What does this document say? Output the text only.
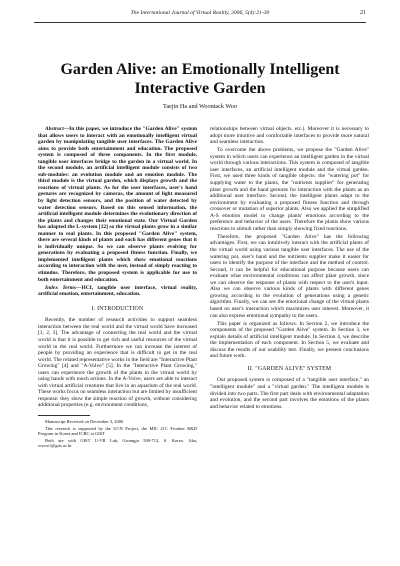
The International Journal of Virtual Reality, 2006, 5(4):21-30	21
Garden Alive: an Emotionally Intelligent Interactive Garden
Taejin Ha and Woontack Woo

Abstract—In this paper, we introduce the "Garden Alive" system that allows users to interact with an emotionally intelligent virtual garden by manipulating tangible user interfaces. The Garden Alive aims to provide both entertainment and education. The proposed system is composed of three components. In the first module, tangible user interfaces bridge to the garden in a virtual world. In the second module, an artificial intelligent module consists of two sub-modules: an evolution module and an emotion module. The third module is the virtual garden, which displays growth and the reactions of virtual plants. As for the user interfaces, user's hand gestures are recognized by cameras, the amount of light measured by light detection sensors, and the position of water detected by water detection sensors. Based on this sensed information, the artificial intelligent module determines the evolutionary direction of the plants and changes their emotional state. Our Virtual Garden has adapted the L-system [12] so the virtual plants grow in a similar manner to real plants. In this proposed "Garden Alive" system, there are several kinds of plants and each has different genes that it is individually unique. So we can observe plants evolving for generations by evaluating a proposed fitness function. Finally, we implemented intelligent plants which show emotional reactions according to interaction with the user, instead of simply reacting to stimulus. Therefore, the proposed system is applicable for use to both entertainment and education.

Index Terms—HCI, tangible user interface, virtual reality, artificial emotion, entertainment, education.

I. INTRODUCTION

Recently, the number of research activities to support seamless interaction between the real world and the virtual world have increased [1, 2, 3]. The advantage of connecting the real world and the virtual world is that it is possible to get rich and useful resources of the virtual world in the real world. Furthermore we can increase the interest of people by providing an experience that is difficult to get in the real world. The related representative works in the field are "Interactive Plant Growing" [4] and "A-Volve" [5]. In the "Interactive Plant Growing," users can experience the growth of the plants in the virtual world by using hands with touch actions. In the A-Volve, users are able to interact with virtual artificial creatures that live in an aquarium of the real world. These works focus on seamless interaction but are limited by insufficient response: they show the simple reaction of growth, without considering additional properties (e.g. environment conditions,

Manuscript Received on December 3, 2006

This research is supported by the UCN Project, the MIC 21C Frontier R&D Program in Korea and ICRC at GIST

Both are with GIST U-VR Lab, Gwangju 500-712, S. Korea. {tha, wwoo}@gist.ac.kr

relationships between virtual objects. etc.). Moreover it is necessary to adopt more intuitive and comfortable interfaces to provide more natural and seamless interaction.

To overcome the above problems, we propose the "Garden Alive" system in which users can experience an intelligent garden in the virtual world through various interactions. This system is composed of tangible user interfaces, an artificial intelligent module and the virtual garden. First, we used three kinds of tangible objects: the "watering pot" for supplying water to the plants, the "nutrients supplier" for generating plant growth and the hand gestures for interaction with the plants as an additional user interface. Second, the intelligent plants adapt to the environment by evaluating a proposed fitness function and through crossover or mutation of superior plants. Also we applied the simplified A-S emotion model to change plants' emotions according to the preference and behavior of the users. Therefore the plants show various reactions to stimuli rather than simply showing fixed reactions.

Therefore, the proposed "Garden Alive" has the following advantages. First, we can intuitively interact with the artificial plants of the virtual world using various tangible user interfaces. The use of the watering pot, user's hand and the nutrients supplier make it easier for users to identify the purpose of the interface and the method of control. Second, it can be helpful for educational purpose because users can evaluate what environmental conditions can affect plant growth, since we can observe the response of plants with respect to the user's input. Also we can observe various kinds of plants with different genes growing according to the evolution of generations using a genetic algorithm. Finally, we can see the emotional change of the virtual plants based on user's interaction which maximizes user interest. Moreover, it can also express emotional sympathy to the users.

This paper is organized as follows. In Section 2, we introduce the components of the proposed "Garden Alive" system. In Section 3, we explain details of artificial intelligent module. In Section 4, we describe the implementation of each component. In Section 5, we evaluate and discuss the results of our usability test. Finally, we present conclusions and future work.

II. "GARDEN ALIVE" SYSTEM

Our proposed system is composed of a "tangible user interface," an "intelligent module" and a "virtual garden." The intelligent module is divided into two parts. The first part deals with environmental adaptation and evolution, and the second part involves the emotions of the plants and behavior related to emotions.
